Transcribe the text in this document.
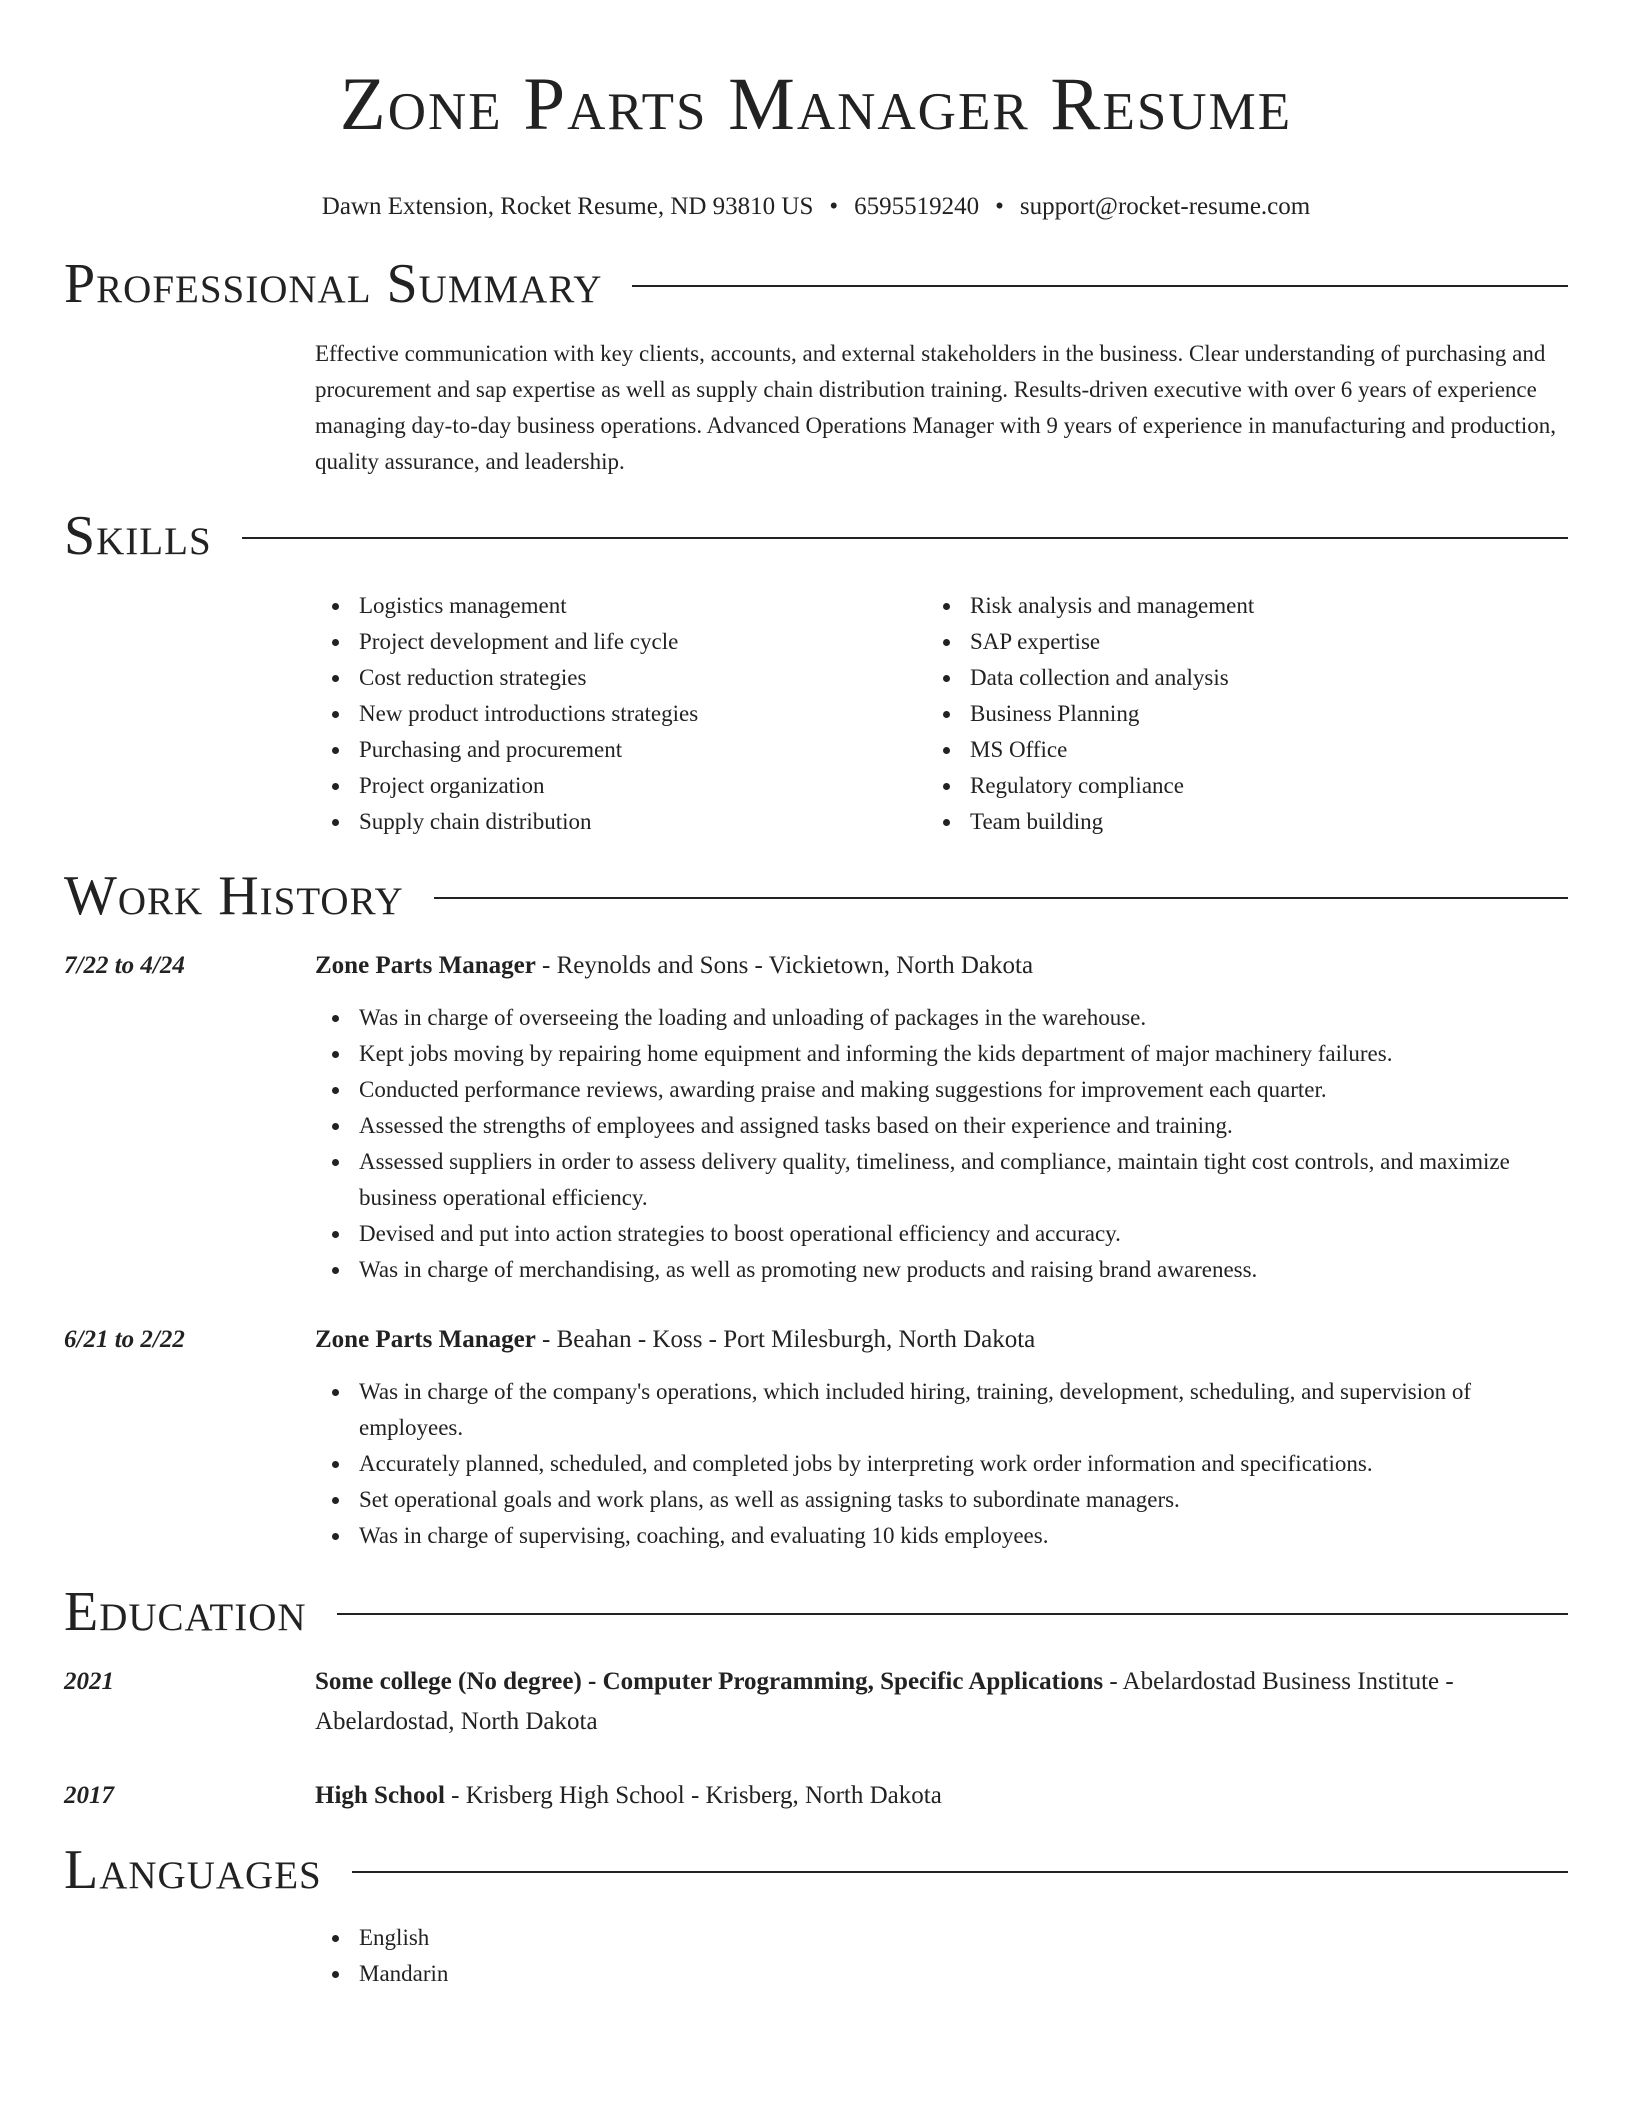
Zone Parts Manager Resume
Dawn Extension, Rocket Resume, ND 93810 US • 6595519240 • support@rocket-resume.com
Professional Summary
Effective communication with key clients, accounts, and external stakeholders in the business. Clear understanding of purchasing and procurement and sap expertise as well as supply chain distribution training. Results-driven executive with over 6 years of experience managing day-to-day business operations. Advanced Operations Manager with 9 years of experience in manufacturing and production, quality assurance, and leadership.
Skills
Logistics management
Project development and life cycle
Cost reduction strategies
New product introductions strategies
Purchasing and procurement
Project organization
Supply chain distribution
Risk analysis and management
SAP expertise
Data collection and analysis
Business Planning
MS Office
Regulatory compliance
Team building
Work History
7/22 to 4/24	Zone Parts Manager - Reynolds and Sons - Vickietown, North Dakota
Was in charge of overseeing the loading and unloading of packages in the warehouse.
Kept jobs moving by repairing home equipment and informing the kids department of major machinery failures.
Conducted performance reviews, awarding praise and making suggestions for improvement each quarter.
Assessed the strengths of employees and assigned tasks based on their experience and training.
Assessed suppliers in order to assess delivery quality, timeliness, and compliance, maintain tight cost controls, and maximize business operational efficiency.
Devised and put into action strategies to boost operational efficiency and accuracy.
Was in charge of merchandising, as well as promoting new products and raising brand awareness.
6/21 to 2/22	Zone Parts Manager - Beahan - Koss - Port Milesburgh, North Dakota
Was in charge of the company's operations, which included hiring, training, development, scheduling, and supervision of employees.
Accurately planned, scheduled, and completed jobs by interpreting work order information and specifications.
Set operational goals and work plans, as well as assigning tasks to subordinate managers.
Was in charge of supervising, coaching, and evaluating 10 kids employees.
Education
2021	Some college (No degree) - Computer Programming, Specific Applications - Abelardostad Business Institute - Abelardostad, North Dakota
2017	High School - Krisberg High School - Krisberg, North Dakota
Languages
English
Mandarin
